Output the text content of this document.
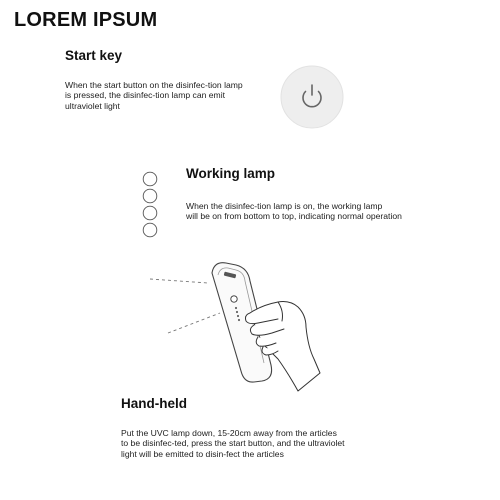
LOREM IPSUM
Start key
When the start button on the disinfec-tion lamp
is pressed, the disinfec-tion lamp can emit
ultraviolet light
Working lamp
When the disinfec-tion lamp is on, the working lamp
will be on from bottom to top, indicating normal operation
Hand-held
Put the UVC lamp down, 15-20cm away from the articles
to be disinfec-ted, press the start button, and the ultraviolet
light will be emitted to disin-fect the articles
